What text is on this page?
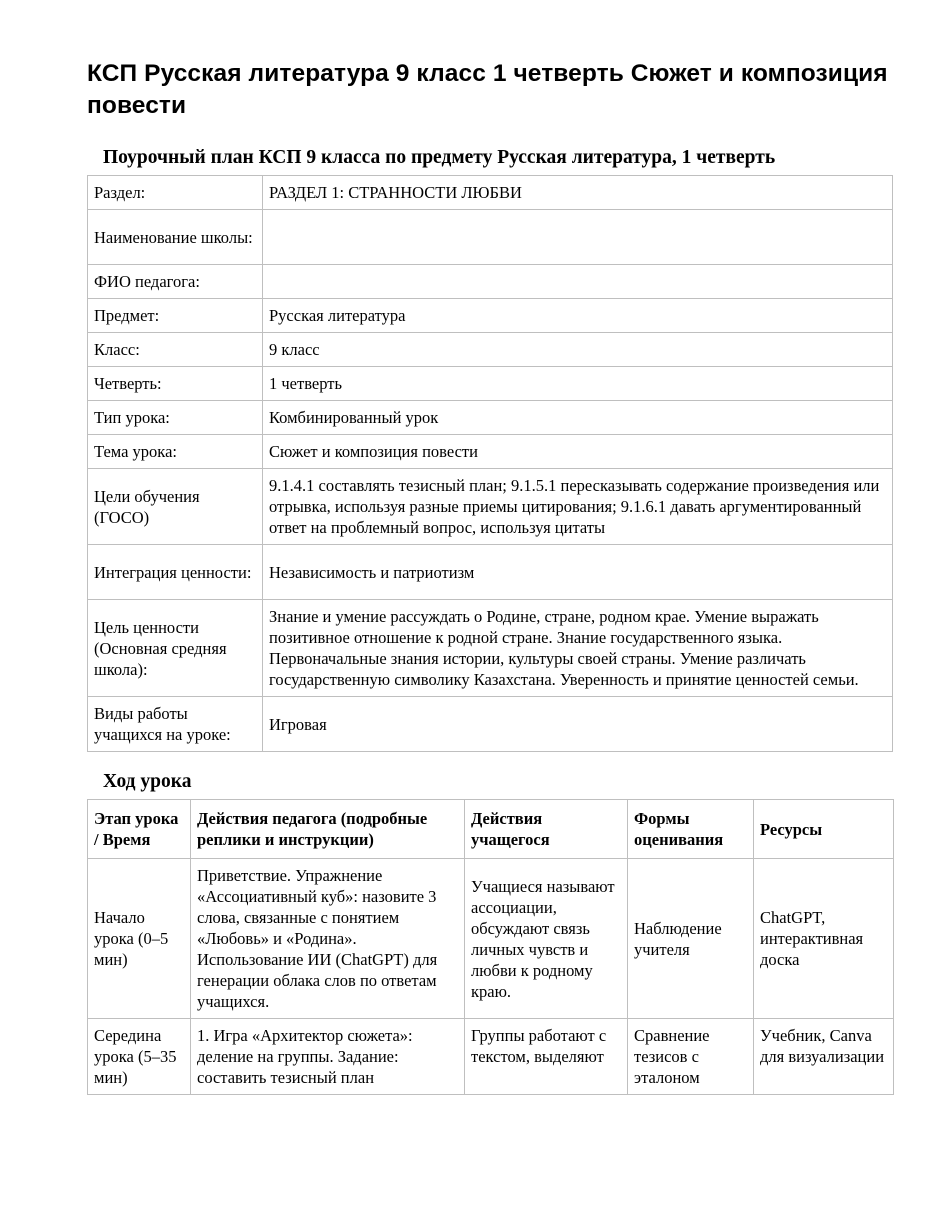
КСП Русская литература 9 класс 1 четверть Сюжет и композиция повести
Поурочный план КСП 9 класса по предмету Русская литература, 1 четверть
Раздел:	РАЗДЕЛ 1: СТРАННОСТИ ЛЮБВИ
Наименование школы:	
ФИО педагога:	
Предмет:	Русская литература
Класс:	9 класс
Четверть:	1 четверть
Тип урока:	Комбинированный урок
Тема урока:	Сюжет и композиция повести
Цели обучения (ГОСО)	9.1.4.1 составлять тезисный план; 9.1.5.1 пересказывать содержание произведения или отрывка, используя разные приемы цитирования; 9.1.6.1 давать аргументированный ответ на проблемный вопрос, используя цитаты
Интеграция ценности:	Независимость и патриотизм
Цель ценности (Основная средняя школа):	Знание и умение рассуждать о Родине, стране, родном крае. Умение выражать позитивное отношение к родной стране. Знание государственного языка. Первоначальные знания истории, культуры своей страны. Умение различать государственную символику Казахстана. Уверенность и принятие ценностей семьи.
Виды работы учащихся на уроке:	Игровая
Ход урока
Этап урока / Время	Действия педагога (подробные реплики и инструкции)	Действия учащегося	Формы оценивания	Ресурсы
Начало урока (0–5 мин)	Приветствие. Упражнение «Ассоциативный куб»: назовите 3 слова, связанные с понятием «Любовь» и «Родина». Использование ИИ (ChatGPT) для генерации облака слов по ответам учащихся.	Учащиеся называют ассоциации, обсуждают связь личных чувств и любви к родному краю.	Наблюдение учителя	ChatGPT, интерактивная доска
Середина урока (5–35 мин)	1. Игра «Архитектор сюжета»: деление на группы. Задание: составить тезисный план	Группы работают с текстом, выделяют	Сравнение тезисов с эталоном	Учебник, Canva для визуализации
